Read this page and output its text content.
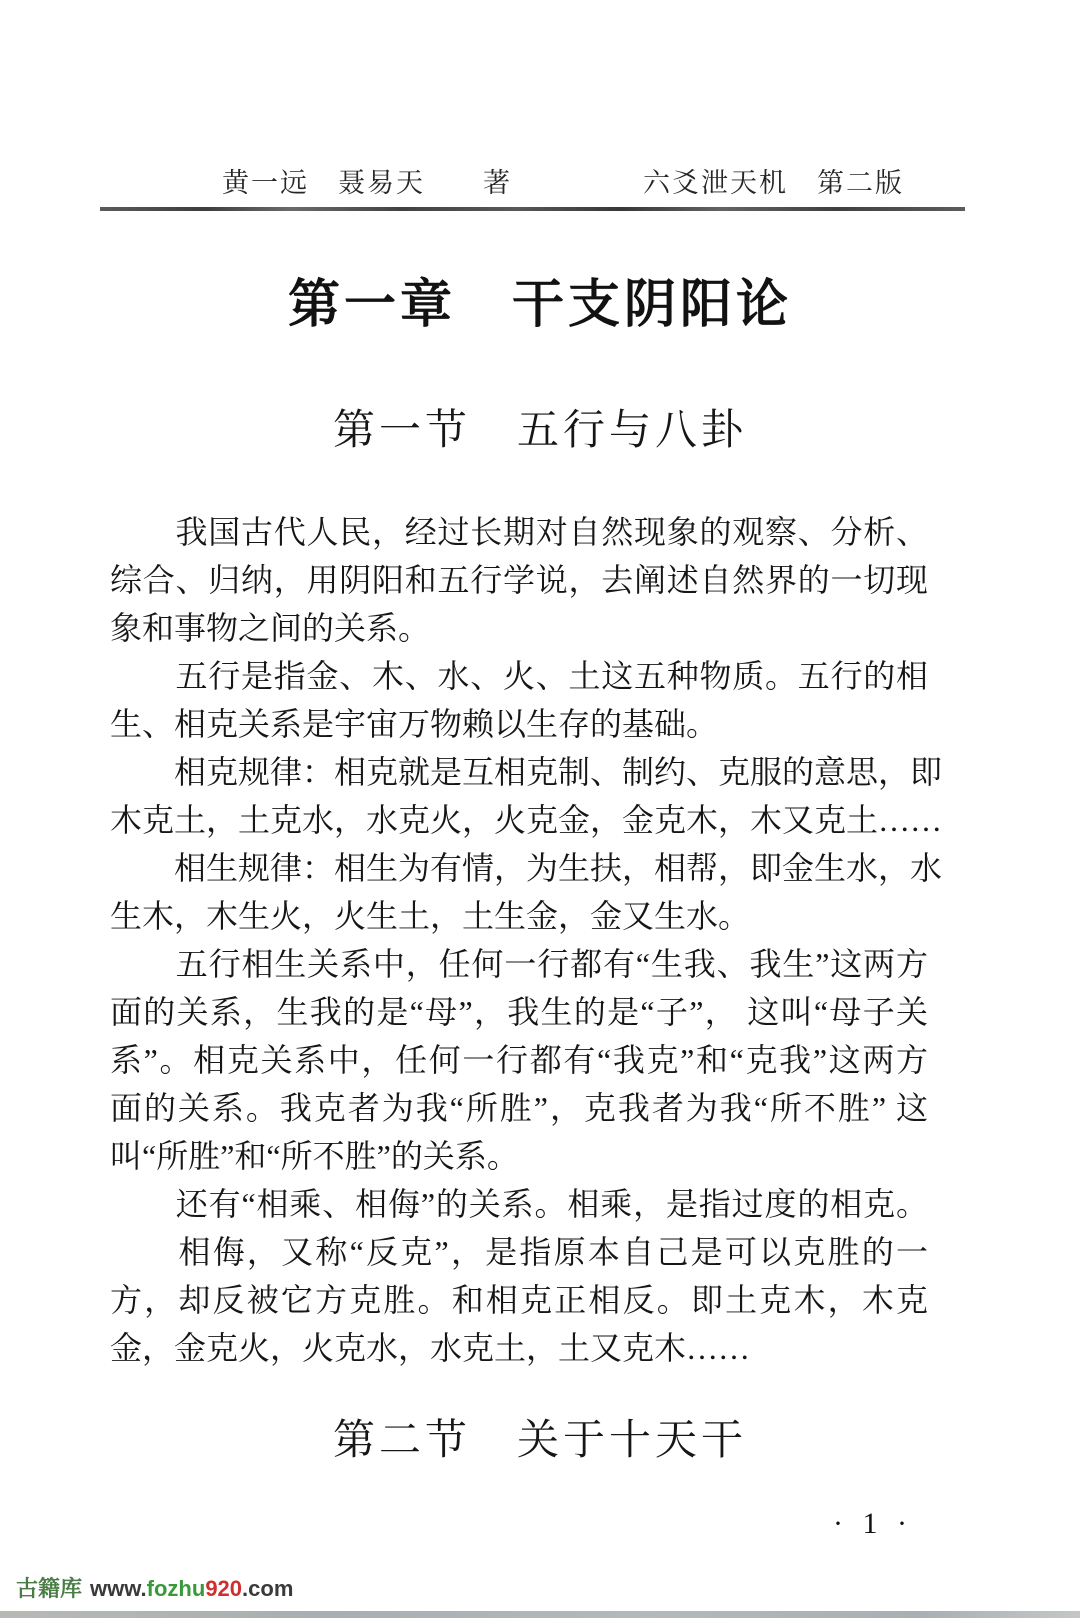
黄一远　聂易天　　著	六爻泄天机　第二版
第一章　干支阴阳论
第一节　五行与八卦
　　我国古代人民，经过长期对自然现象的观察、分析、
综合、归纳，用阴阳和五行学说，去阐述自然界的一切现
象和事物之间的关系。
　　五行是指金、木、水、火、土这五种物质。五行的相
生、相克关系是宇宙万物赖以生存的基础。
　　相克规律：相克就是互相克制、制约、克服的意思，即
木克土，土克水，水克火，火克金，金克木，木又克土……
　　相生规律：相生为有情，为生扶，相帮，即金生水，水
生木，木生火，火生土，土生金，金又生水。
　　五行相生关系中，任何一行都有“生我、我生”这两方
面的关系，生我的是“母”，我生的是“子”， 这叫“母子关
系”。相克关系中，任何一行都有“我克”和“克我”这两方
面的关系。我克者为我“所胜”，克我者为我“所不胜” 这
叫“所胜”和“所不胜”的关系。
　　还有“相乘、相侮”的关系。相乘，是指过度的相克。
　　相侮，又称“反克”，是指原本自己是可以克胜的一
方，却反被它方克胜。和相克正相反。即土克木，木克
金，金克火，火克水，水克土，土又克木……
第二节　关于十天干
· 1 ·
古籍库 www.fozhu920.com
